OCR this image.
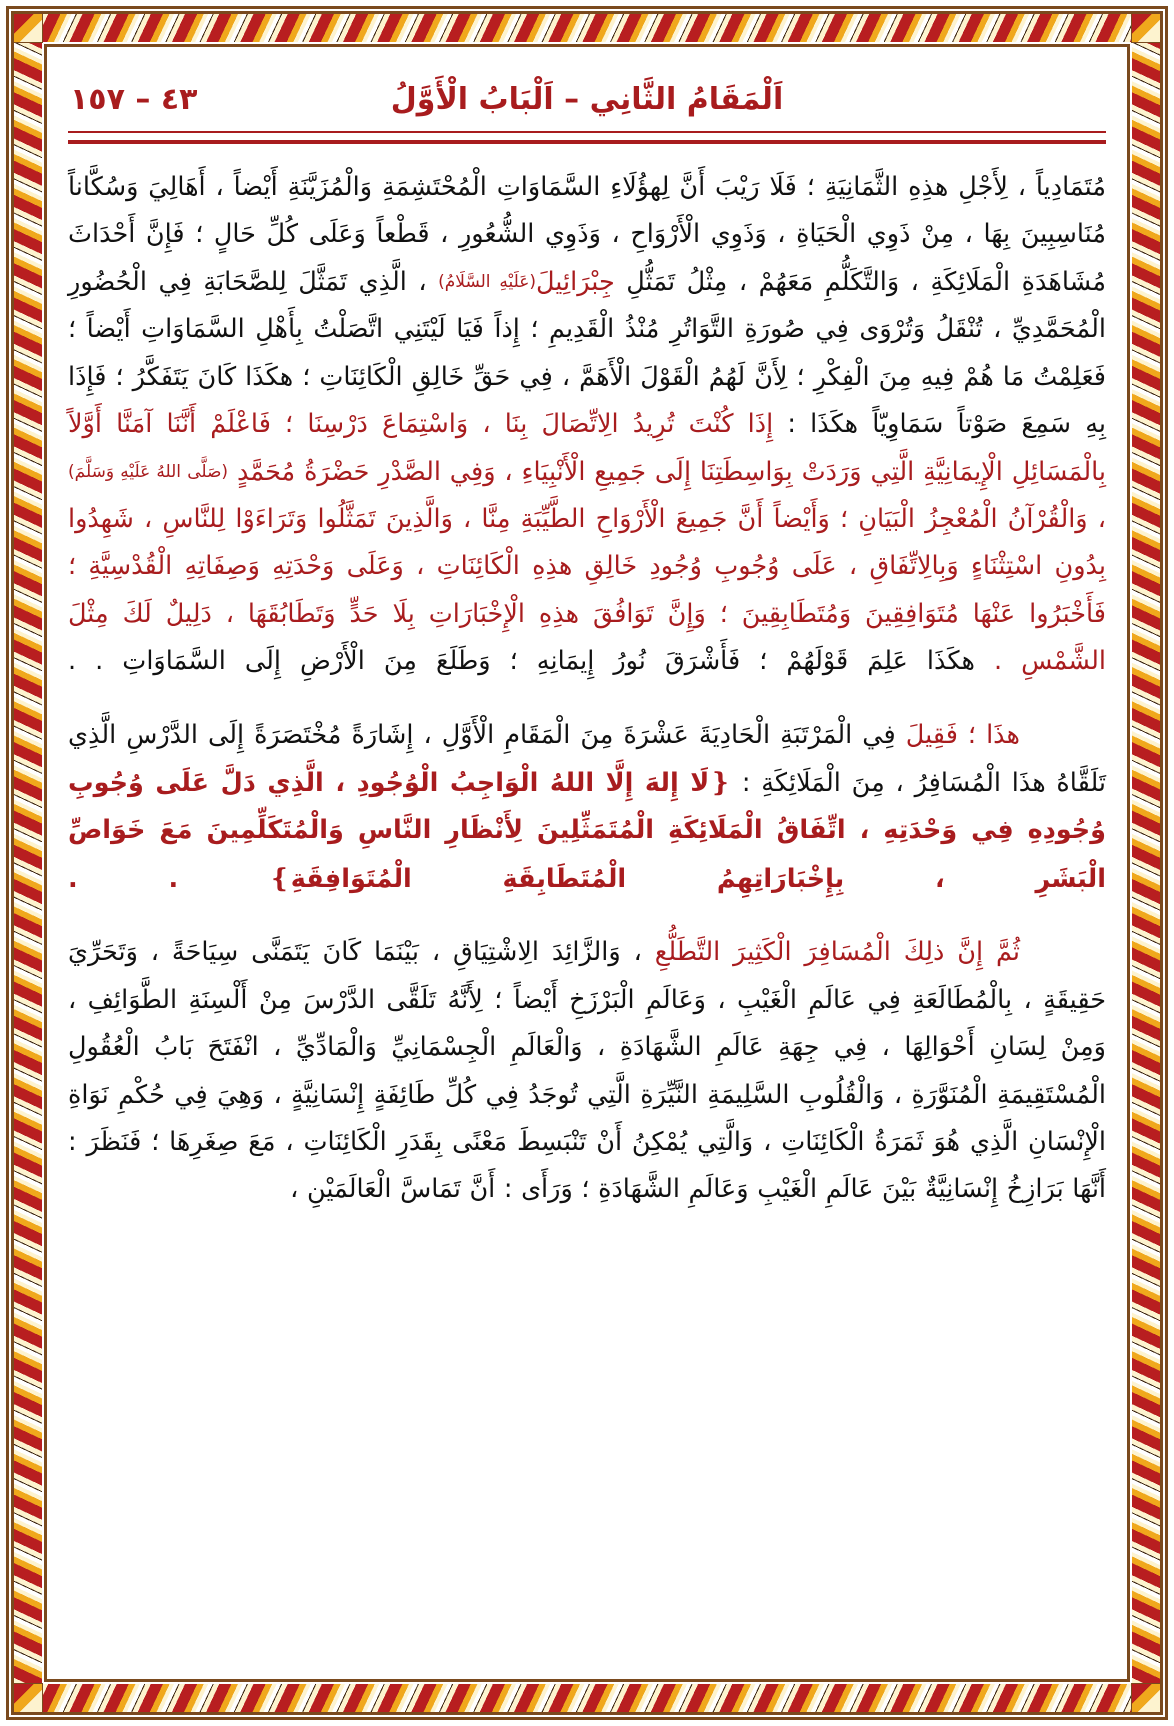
اَلْمَقَامُ الثَّانِي – اَلْبَابُ الْأَوَّلُ
٤٣ – ١٥٧

مُتَمَادِياً ، لِأَجْلِ هذِهِ الثَّمَانِيَةِ ؛ فَلَا رَيْبَ أَنَّ لِهؤُلَاءِ السَّمَاوَاتِ الْمُحْتَشِمَةِ وَالْمُزَيَّنَةِ أَيْضاً ، أَهَالِيَ وَسُكَّاناً مُنَاسِبِينَ بِهَا ، مِنْ ذَوِي الْحَيَاةِ ، وَذَوِي الْأَرْوَاحِ ، وَذَوِي الشُّعُورِ ، قَطْعاً وَعَلَى كُلِّ حَالٍ ؛ فَإِنَّ أَحْدَاثَ مُشَاهَدَةِ الْمَلَائِكَةِ ، وَالتَّكَلُّمِ مَعَهُمْ ، مِثْلُ تَمَثُّلِ جِبْرَائِيلَ(عَلَيْهِ السَّلَامُ) ، الَّذِي تَمَثَّلَ لِلصَّحَابَةِ فِي الْحُضُورِ الْمُحَمَّدِيِّ ، تُنْقَلُ وَتُرْوَى فِي صُورَةِ التَّوَاتُرِ مُنْذُ الْقَدِيمِ ؛ إِذاً فَيَا لَيْتَنِي اتَّصَلْتُ بِأَهْلِ السَّمَاوَاتِ أَيْضاً ؛ فَعَلِمْتُ مَا هُمْ فِيهِ مِنَ الْفِكْرِ ؛ لِأَنَّ لَهُمُ الْقَوْلَ الْأَهَمَّ ، فِي حَقِّ خَالِقِ الْكَائِنَاتِ ؛ هكَذَا كَانَ يَتَفَكَّرُ ؛ فَإِذَا بِهِ سَمِعَ صَوْتاً سَمَاوِيّاً هكَذَا : إِذَا كُنْتَ تُرِيدُ الِاتِّصَالَ بِنَا ، وَاسْتِمَاعَ دَرْسِنَا ؛ فَاعْلَمْ أَنَّنَا آمَنَّا أَوَّلاً بِالْمَسَائِلِ الْإِيمَانِيَّةِ الَّتِي وَرَدَتْ بِوَاسِطَتِنَا إِلَى جَمِيعِ الْأَنْبِيَاءِ ، وَفِي الصَّدْرِ حَضْرَةُ مُحَمَّدٍ (صَلَّى اللهُ عَلَيْهِ وَسَلَّمَ) ، وَالْقُرْآنُ الْمُعْجِزُ الْبَيَانِ ؛ وَأَيْضاً أَنَّ جَمِيعَ الْأَرْوَاحِ الطَّيِّبَةِ مِنَّا ، وَالَّذِينَ تَمَثَّلُوا وَتَرَاءَوْا لِلنَّاسِ ، شَهِدُوا بِدُونِ اسْتِثْنَاءٍ وَبِالِاتِّفَاقِ ، عَلَى وُجُوبِ وُجُودِ خَالِقِ هذِهِ الْكَائِنَاتِ ، وَعَلَى وَحْدَتِهِ وَصِفَاتِهِ الْقُدْسِيَّةِ ؛ فَأَخْبَرُوا عَنْهَا مُتَوَافِقِينَ وَمُتَطَابِقِينَ ؛ وَإِنَّ تَوَافُقَ هذِهِ الْإِخْبَارَاتِ بِلَا حَدٍّ وَتَطَابُقَهَا ، دَلِيلٌ لَكَ مِثْلَ الشَّمْسِ . هكَذَا عَلِمَ قَوْلَهُمْ ؛ فَأَشْرَقَ نُورُ إِيمَانِهِ ؛ وَطَلَعَ مِنَ الْأَرْضِ إِلَى السَّمَاوَاتِ . .

هذَا ؛ فَقِيلَ فِي الْمَرْتَبَةِ الْحَادِيَةَ عَشْرَةَ مِنَ الْمَقَامِ الْأَوَّلِ ، إِشَارَةً مُخْتَصَرَةً إِلَى الدَّرْسِ الَّذِي تَلَقَّاهُ هذَا الْمُسَافِرُ ، مِنَ الْمَلَائِكَةِ : ❴لَا إِلهَ إِلَّا اللهُ الْوَاجِبُ الْوُجُودِ ، الَّذِي دَلَّ عَلَى وُجُوبِ وُجُودِهِ فِي وَحْدَتِهِ ، اتِّفَاقُ الْمَلَائِكَةِ الْمُتَمَثِّلِينَ لِأَنْظَارِ النَّاسِ وَالْمُتَكَلِّمِينَ مَعَ خَوَاصِّ الْبَشَرِ ، بِإِخْبَارَاتِهِمُ الْمُتَطَابِقَةِ الْمُتَوَافِقَةِ❵ . .

ثُمَّ إِنَّ ذلِكَ الْمُسَافِرَ الْكَثِيرَ التَّطَلُّعِ ، وَالزَّائِدَ الِاشْتِيَاقِ ، بَيْنَمَا كَانَ يَتَمَنَّى سِيَاحَةً ، وَتَحَرِّيَ حَقِيقَةٍ ، بِالْمُطَالَعَةِ فِي عَالَمِ الْغَيْبِ ، وَعَالَمِ الْبَرْزَخِ أَيْضاً ؛ لِأَنَّهُ تَلَقَّى الدَّرْسَ مِنْ أَلْسِنَةِ الطَّوَائِفِ ، وَمِنْ لِسَانِ أَحْوَالِهَا ، فِي جِهَةِ عَالَمِ الشَّهَادَةِ ، وَالْعَالَمِ الْجِسْمَانِيِّ وَالْمَادِّيِّ ، انْفَتَحَ بَابُ الْعُقُولِ الْمُسْتَقِيمَةِ الْمُنَوَّرَةِ ، وَالْقُلُوبِ السَّلِيمَةِ النَّيِّرَةِ الَّتِي تُوجَدُ فِي كُلِّ طَائِفَةٍ إِنْسَانِيَّةٍ ، وَهِيَ فِي حُكْمِ نَوَاةِ الْإِنْسَانِ الَّذِي هُوَ ثَمَرَةُ الْكَائِنَاتِ ، وَالَّتِي يُمْكِنُ أَنْ تَنْبَسِطَ مَعْنًى بِقَدَرِ الْكَائِنَاتِ ، مَعَ صِغَرِهَا ؛ فَنَظَرَ : أَنَّهَا بَرَازِخُ إِنْسَانِيَّةٌ بَيْنَ عَالَمِ الْغَيْبِ وَعَالَمِ الشَّهَادَةِ ؛ وَرَأَى : أَنَّ تَمَاسَّ الْعَالَمَيْنِ ،
